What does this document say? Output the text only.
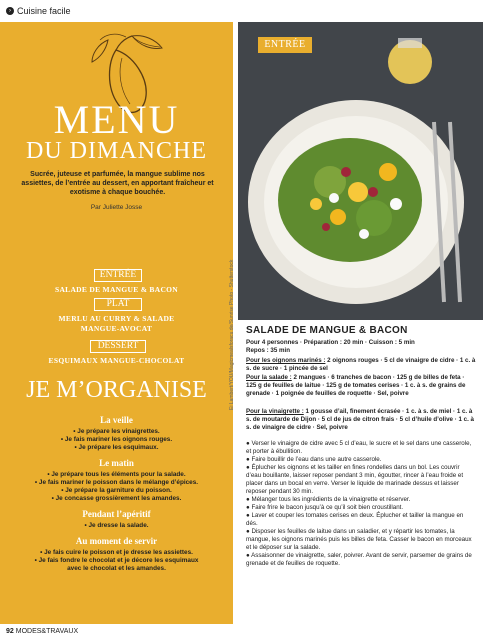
› Cuisine facile
MENU
DU DIMANCHE
Sucrée, juteuse et parfumée, la mangue sublime nos assiettes, de l’entrée au dessert, en apportant fraîcheur et exotisme à chaque bouchée.
Par Juliette Josse
ENTRÉE
SALADE DE MANGUE & BACON
PLAT
MERLU AU CURRY & SALADE MANGUE-AVOCAT
DESSERT
ESQUIMAUX MANGUE-CHOCOLAT
JE M’ORGANISE
La veille
• Je prépare les vinaigrettes.
• Je fais mariner les oignons rouges.
• Je prépare les esquimaux.
Le matin
• Je prépare tous les éléments pour la salade.
• Je fais mariner le poisson dans le mélange d’épices.
• Je prépare la garniture du poisson.
• Je concasse grossièrement les amandes.
Pendant l’apéritif
• Je dresse la salade.
Au moment de servir
• Je fais cuire le poisson et je dresse les assiettes.
• Je fais fondre le chocolat et je décore les esquimaux avec le chocolat et les amandes.
ENTRÉE
Ei Lambert/YOU/Magicmealsforacu.de/Sunrise Photo - Shutterstock SALADE DE MANGUE & BACON
Pour 4 personnes · Préparation : 20 min · Cuisson : 5 min
Repos : 35 min
Pour les oignons marinés : 2 oignons rouges · 5 cl de vinaigre de cidre · 1 c. à s. de sucre · 1 pincée de sel
Pour la salade : 2 mangues · 6 tranches de bacon · 125 g de billes de feta · 125 g de feuilles de laitue · 125 g de tomates cerises · 1 c. à s. de grains de grenade · 1 poignée de feuilles de roquette · Sel, poivre
Pour la vinaigrette : 1 gousse d’ail, finement écrasée · 1 c. à s. de miel · 1 c. à s. de moutarde de Dijon · 5 cl de jus de citron frais · 5 cl d’huile d’olive · 1 c. à s. de vinaigre de cidre · Sel, poivre

● Verser le vinaigre de cidre avec 5 cl d’eau, le sucre et le sel dans une casserole, et porter à ébullition.

● Faire bouillir de l’eau dans une autre casserole.

● Éplucher les oignons et les tailler en fines rondelles dans un bol. Les couvrir d’eau bouillante, laisser reposer pendant 3 min, égoutter, rincer à l’eau froide et placer dans un bocal en verre. Verser le liquide de marinade dessus et laisser reposer pendant 30 min.

● Mélanger tous les ingrédients de la vinaigrette et réserver.

● Faire frire le bacon jusqu’à ce qu’il soit bien croustillant.

● Laver et couper les tomates cerises en deux. Éplucher et tailler la mangue en dés.

● Disposer les feuilles de laitue dans un saladier, et y répartir les tomates, la mangue, les oignons marinés puis les billes de feta. Casser le bacon en morceaux et le déposer sur la salade.

● Assaisonner de vinaigrette, saler, poivrer. Avant de servir, parsemer de grains de grenade et de feuilles de roquette.

92 MODES&TRAVAUX
